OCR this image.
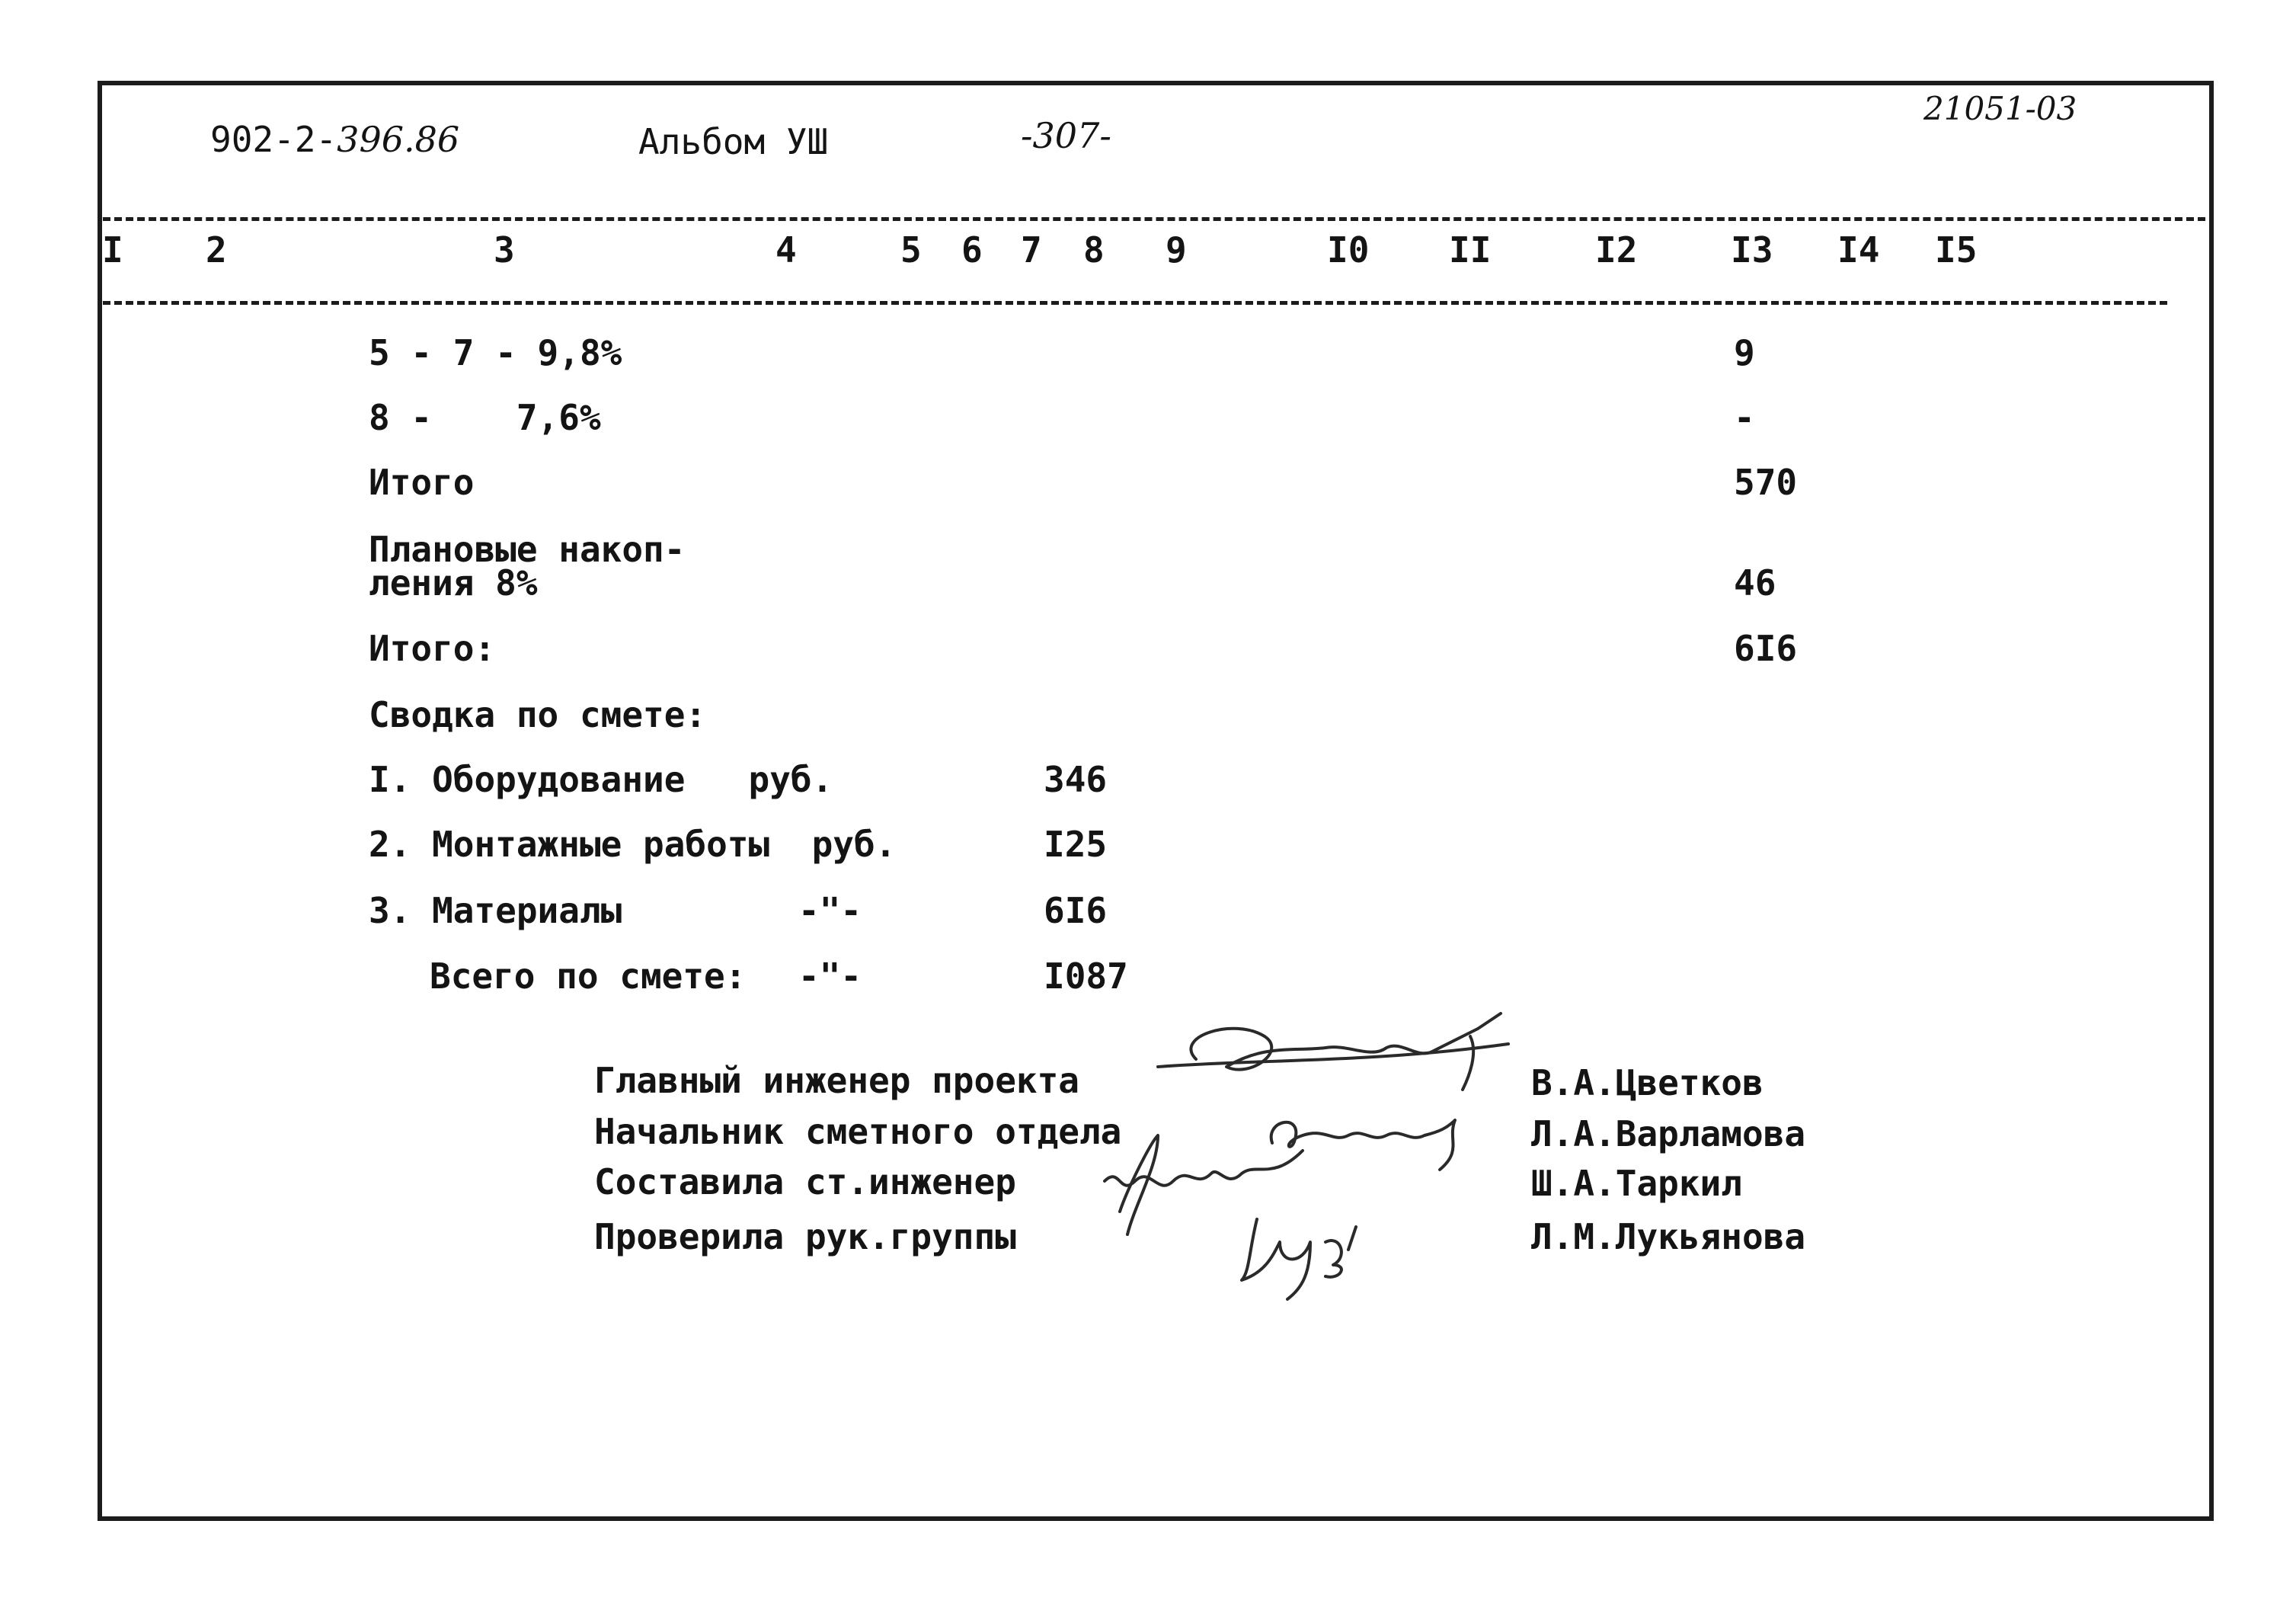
902-2-396.86	Альбом УШ	-307-
21051-03
I 2	3	4	5 6 7 8 9	I0 II	I2	I3 I4 I5
5 - 7 - 9,8%	9
8 -    7,6%	-
Итого	570
Плановые накоп-
ления 8%	46
Итого:	6I6
Сводка по смете:
I. Оборудование   руб.	346
2. Монтажные работы  руб.	I25
3. Материалы	-"-	6I6
Всего по смете: -"-	I087
Главный инженер проекта	В.А.Цветков
Начальник сметного отдела	Л.А.Варламова
Составила ст.инженер	Ш.А.Таркил
Проверила рук.группы	Л.М.Лукьянова
